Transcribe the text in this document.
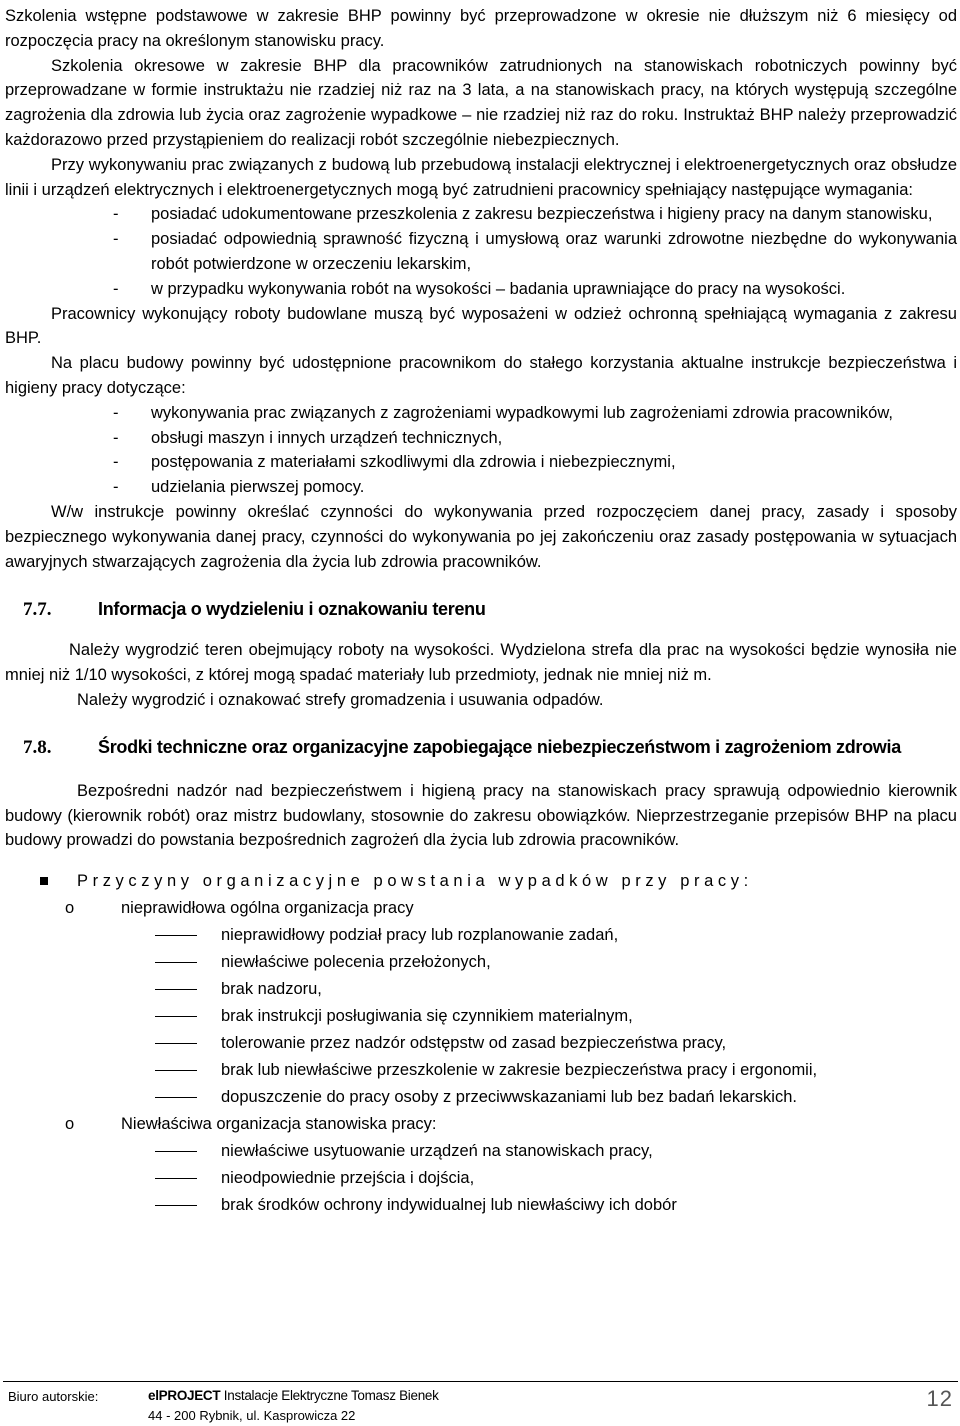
Szkolenia wstępne podstawowe w zakresie BHP powinny być przeprowadzone w okresie nie dłuższym niż 6 miesięcy od rozpoczęcia pracy na określonym stanowisku pracy.

Szkolenia okresowe w zakresie BHP dla pracowników zatrudnionych na stanowiskach robotniczych powinny być przeprowadzane w formie instruktażu nie rzadziej niż raz na 3 lata, a na stanowiskach pracy, na których występują szczególne zagrożenia dla zdrowia lub życia oraz zagrożenie wypadkowe – nie rzadziej niż raz do roku. Instruktaż BHP należy przeprowadzić każdorazowo przed przystąpieniem do realizacji robót szczególnie niebezpiecznych.

Przy wykonywaniu prac związanych z budową lub przebudową instalacji elektrycznej i elektroenergetycznych oraz obsłudze linii i urządzeń elektrycznych i elektroenergetycznych mogą być zatrudnieni pracownicy spełniający następujące wymagania:

- posiadać udokumentowane przeszkolenia z zakresu bezpieczeństwa i higieny pracy na danym stanowisku,
- posiadać odpowiednią sprawność fizyczną i umysłową oraz warunki zdrowotne niezbędne do wykonywania robót potwierdzone w orzeczeniu lekarskim,
- w przypadku wykonywania robót na wysokości – badania uprawniające do pracy na wysokości.

Pracownicy wykonujący roboty budowlane muszą być wyposażeni w odzież ochronną spełniającą wymagania z zakresu BHP.

Na placu budowy powinny być udostępnione pracownikom do stałego korzystania aktualne instrukcje bezpieczeństwa i higieny pracy dotyczące:

- wykonywania prac związanych z zagrożeniami wypadkowymi lub zagrożeniami zdrowia pracowników,
- obsługi maszyn i innych urządzeń technicznych,
- postępowania z materiałami szkodliwymi dla zdrowia i niebezpiecznymi,
- udzielania pierwszej pomocy.

W/w instrukcje powinny określać czynności do wykonywania przed rozpoczęciem danej pracy, zasady i sposoby bezpiecznego wykonywania danej pracy, czynności do wykonywania po jej zakończeniu oraz zasady postępowania w sytuacjach awaryjnych stwarzających zagrożenia dla życia lub zdrowia pracowników.

7.7.	Informacja o wydzieleniu i oznakowaniu terenu

Należy wygrodzić teren obejmujący roboty na wysokości. Wydzielona strefa dla prac na wysokości będzie wynosiła nie mniej niż 1/10 wysokości, z której mogą spadać materiały lub przedmioty, jednak nie mniej niż m.

Należy wygrodzić i oznakować strefy gromadzenia i usuwania odpadów.

7.8.	Środki techniczne oraz organizacyjne zapobiegające niebezpieczeństwom i zagrożeniom zdrowia

Bezpośredni nadzór nad bezpieczeństwem i higieną pracy na stanowiskach pracy sprawują odpowiednio kierownik budowy (kierownik robót) oraz mistrz budowlany, stosownie do zakresu obowiązków. Nieprzestrzeganie przepisów BHP na placu budowy prowadzi do powstania bezpośrednich zagrożeń dla życia lub zdrowia pracowników.

Przyczyny organizacyjne powstania wypadków przy pracy:
o	nieprawidłowa ogólna organizacja pracy
nieprawidłowy podział pracy lub rozplanowanie zadań,
niewłaściwe polecenia przełożonych,
brak nadzoru,
brak instrukcji posługiwania się czynnikiem materialnym,
tolerowanie przez nadzór odstępstw od zasad bezpieczeństwa pracy,
brak lub niewłaściwe przeszkolenie w zakresie bezpieczeństwa pracy i ergonomii,
dopuszczenie do pracy osoby z przeciwwskazaniami lub bez badań lekarskich.
o	Niewłaściwa organizacja stanowiska pracy:
niewłaściwe usytuowanie urządzeń na stanowiskach pracy,
nieodpowiednie przejścia i dojścia,
brak środków ochrony indywidualnej lub niewłaściwy ich dobór
Biuro autorskie:	elPROJECT Instalacje Elektryczne Tomasz Bienek
44 - 200 Rybnik, ul. Kasprowicza 22
12
